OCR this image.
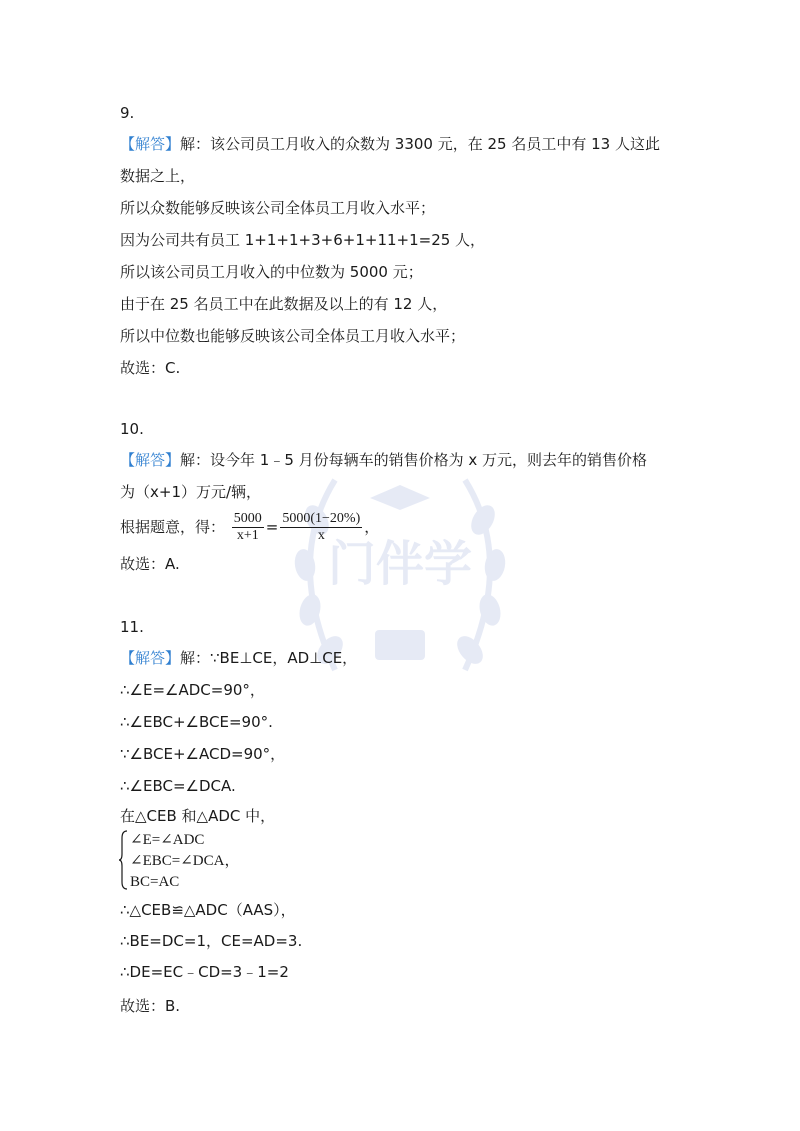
门伴学
9.
【解答】解：该公司员工月收入的众数为 3300 元，在 25 名员工中有 13 人这此
数据之上，
所以众数能够反映该公司全体员工月收入水平；
因为公司共有员工 1+1+1+3+6+1+11+1=25 人，
所以该公司员工月收入的中位数为 5000 元；
由于在 25 名员工中在此数据及以上的有 12 人，
所以中位数也能够反映该公司全体员工月收入水平；
故选：C.
10.
【解答】解：设今年 1﹣5 月份每辆车的销售价格为 x 万元，则去年的销售价格
为（x+1）万元/辆，
根据题意，得： $\frac{5000}{x+1} = \frac{5000(1-20\%)}{x}$ ，
故选：A.
11.
【解答】解：∵BE⊥CE，AD⊥CE，
∴∠E=∠ADC=90°，
∴∠EBC+∠BCE=90°.
∵∠BCE+∠ACD=90°，
∴∠EBC=∠DCA.
在△CEB 和△ADC 中，
∠E=∠ADC
∠EBC=∠DCA，
BC=AC
∴△CEB≌△ADC（AAS），
∴BE=DC=1，CE=AD=3.
∴DE=EC﹣CD=3﹣1=2
故选：B.
